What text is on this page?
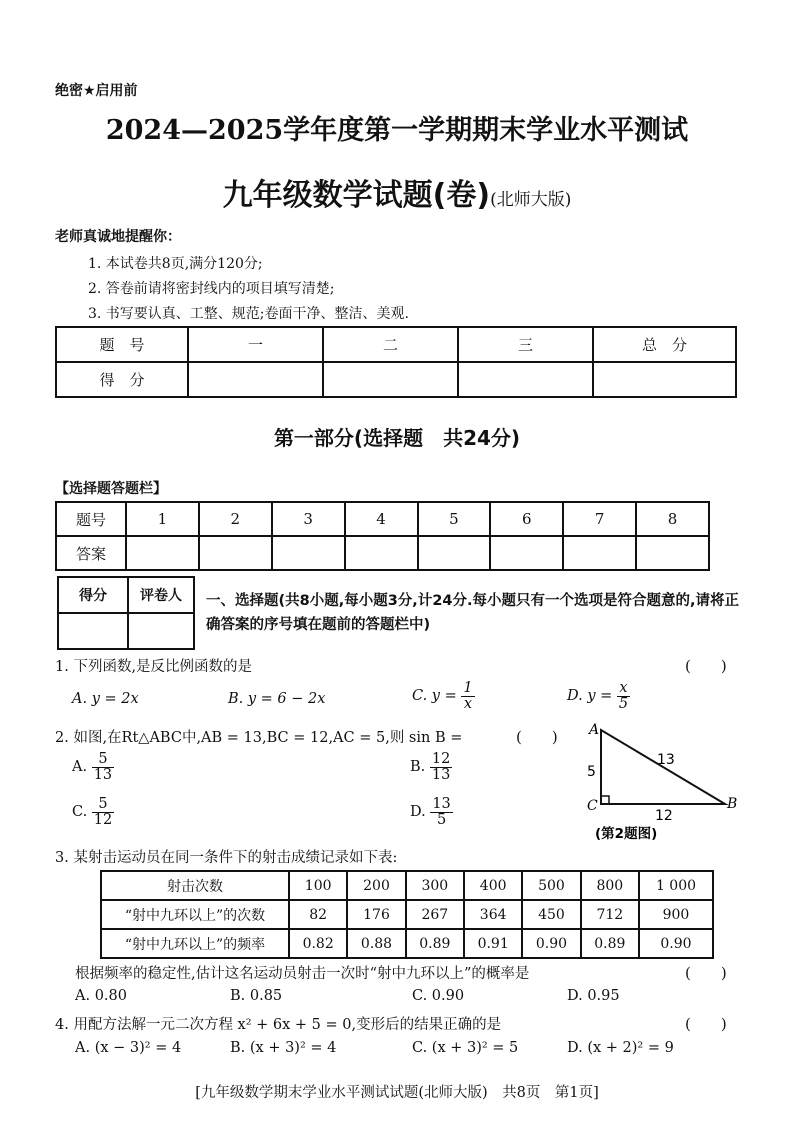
绝密★启用前
2024—2025学年度第一学期期末学业水平测试
九年级数学试题(卷)(北师大版)
老师真诚地提醒你：
1. 本试卷共8页,满分120分;
2. 答卷前请将密封线内的项目填写清楚;
3. 书写要认真、工整、规范;卷面干净、整洁、美观.
题　号	一	二	三	总　分
得　分				
第一部分(选择题　共24分)
【选择题答题栏】
题号	1	2	3	4	5	6	7	8
答案								
得分	评卷人
	一、选择题(共8小题,每小题3分,计24分.每小题只有一个选项是符合题意的,请将正确答案的序号填在题前的答题栏中)
1. 下列函数,是反比例函数的是	(　　)
A. y = 2x	B. y = 6 − 2x	C. $y = \frac{1}{x}$	D. $y = \frac{x}{5}$
2. 如图,在Rt△ABC中,AB = 13,BC = 12,AC = 5,则 sin B =	(　　)
A. $\frac{5}{13}$	B. $\frac{12}{13}$
C. $\frac{5}{12}$	D. $\frac{13}{5}$
A
B
C
13
5
12
(第2题图)
3. 某射击运动员在同一条件下的射击成绩记录如下表:
射击次数	100	200	300	400	500	800	1 000
“射中九环以上”的次数	82	176	267	364	450	712	900
“射中九环以上”的频率	0.82	0.88	0.89	0.91	0.90	0.89	0.90
根据频率的稳定性,估计这名运动员射击一次时“射中九环以上”的概率是	(　　)
A. 0.80	B. 0.85	C. 0.90	D. 0.95
4. 用配方法解一元二次方程 x² + 6x + 5 = 0,变形后的结果正确的是	(　　)
A. (x − 3)² = 4	B. (x + 3)² = 4	C. (x + 3)² = 5	D. (x + 2)² = 9
[九年级数学期末学业水平测试试题(北师大版)　共8页　第1页]
